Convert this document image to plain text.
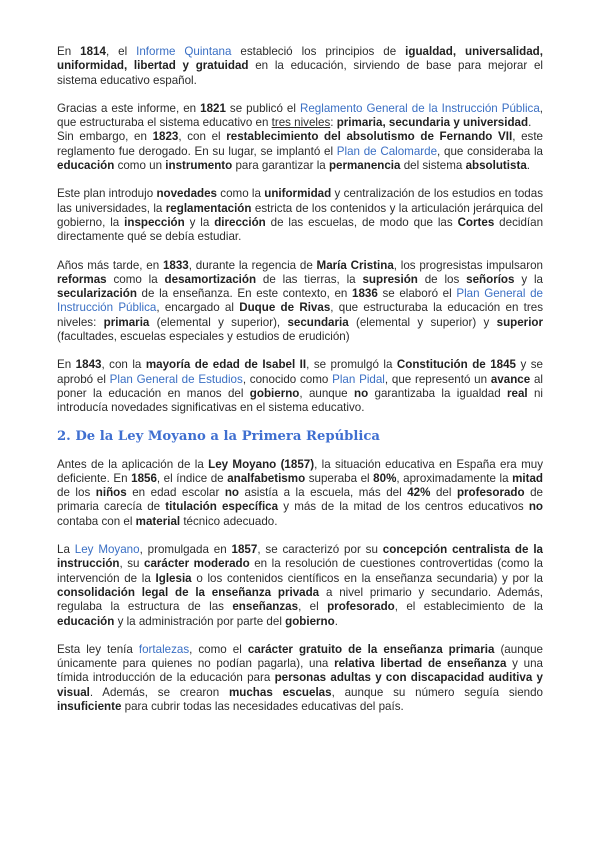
En 1814, el Informe Quintana estableció los principios de igualdad, universalidad, uniformidad, libertad y gratuidad en la educación, sirviendo de base para mejorar el sistema educativo español.

Gracias a este informe, en 1821 se publicó el Reglamento General de la Instrucción Pública, que estructuraba el sistema educativo en tres niveles: primaria, secundaria y universidad.

Sin embargo, en 1823, con el restablecimiento del absolutismo de Fernando VII, este reglamento fue derogado. En su lugar, se implantó el Plan de Calomarde, que consideraba la educación como un instrumento para garantizar la permanencia del sistema absolutista.

Este plan introdujo novedades como la uniformidad y centralización de los estudios en todas las universidades, la reglamentación estricta de los contenidos y la articulación jerárquica del gobierno, la inspección y la dirección de las escuelas, de modo que las Cortes decidían directamente qué se debía estudiar.

Años más tarde, en 1833, durante la regencia de María Cristina, los progresistas impulsaron reformas como la desamortización de las tierras, la supresión de los señoríos y la secularización de la enseñanza. En este contexto, en 1836 se elaboró el Plan General de Instrucción Pública, encargado al Duque de Rivas, que estructuraba la educación en tres niveles: primaria (elemental y superior), secundaria (elemental y superior) y superior (facultades, escuelas especiales y estudios de erudición)

En 1843, con la mayoría de edad de Isabel II, se promulgó la Constitución de 1845 y se aprobó el Plan General de Estudios, conocido como Plan Pidal, que representó un avance al poner la educación en manos del gobierno, aunque no garantizaba la igualdad real ni introducía novedades significativas en el sistema educativo.

2. De la Ley Moyano a la Primera República

Antes de la aplicación de la Ley Moyano (1857), la situación educativa en España era muy deficiente. En 1856, el índice de analfabetismo superaba el 80%, aproximadamente la mitad de los niños en edad escolar no asistía a la escuela, más del 42% del profesorado de primaria carecía de titulación específica y más de la mitad de los centros educativos no contaba con el material técnico adecuado.

La Ley Moyano, promulgada en 1857, se caracterizó por su concepción centralista de la instrucción, su carácter moderado en la resolución de cuestiones controvertidas (como la intervención de la Iglesia o los contenidos científicos en la enseñanza secundaria) y por la consolidación legal de la enseñanza privada a nivel primario y secundario. Además, regulaba la estructura de las enseñanzas, el profesorado, el establecimiento de la educación y la administración por parte del gobierno.

Esta ley tenía fortalezas, como el carácter gratuito de la enseñanza primaria (aunque únicamente para quienes no podían pagarla), una relativa libertad de enseñanza y una tímida introducción de la educación para personas adultas y con discapacidad auditiva y visual. Además, se crearon muchas escuelas, aunque su número seguía siendo insuficiente para cubrir todas las necesidades educativas del país.
